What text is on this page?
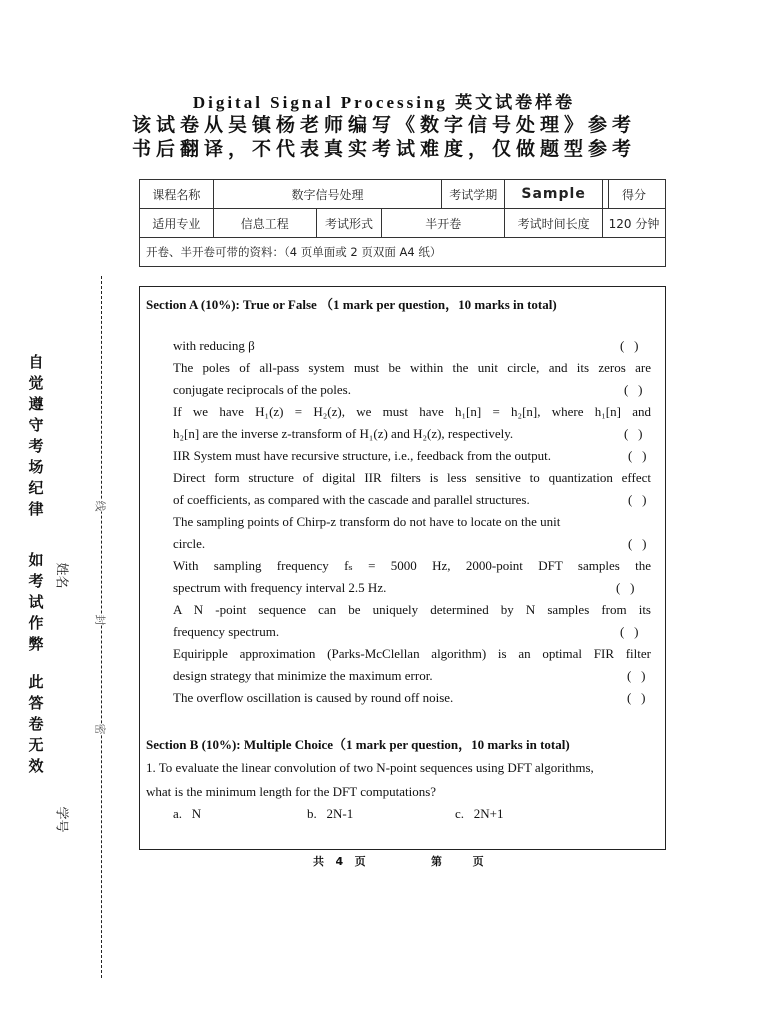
Digital Signal Processing 英文试卷样卷
该试卷从吴镇杨老师编写《数字信号处理》参考
书后翻译，不代表真实考试难度，仅做题型参考
课程名称	数字信号处理			考试学期	Sample	得分
适用专业	信息工程	考试形式	半开卷		考试时间长度	120 分钟
开卷、半开卷可带的资料：（4 页单面或 2 页双面 A4 纸）						
Section A (10%): True or False （1 mark per question，10 marks in total)
with reducing β	(   )
The poles of all-pass system must be within the unit circle, and its zeros are
conjugate reciprocals of the poles.	(   )
If we have H₁(z) = H₂(z), we must have h₁[n] = h₂[n], where h₁[n] and
h₂[n] are the inverse z-transform of H₁(z) and H₂(z), respectively.	(   )
IIR System must have recursive structure, i.e., feedback from the output.	(   )
Direct form structure of digital IIR filters is less sensitive to quantization effect
of coefficients, as compared with the cascade and parallel structures.	(   )
The sampling points of Chirp-z transform do not have to locate on the unit
circle.	(   )
With sampling frequency fₛ = 5000 Hz, 2000-point DFT samples the
spectrum with frequency interval 2.5 Hz.	(   )
A N -point sequence can be uniquely determined by N samples from its
frequency spectrum.	(   )
Equiripple approximation (Parks-McClellan algorithm) is an optimal FIR filter
design strategy that minimize the maximum error.	(   )
The overflow oscillation is caused by round off noise.	(   )
Section B (10%): Multiple Choice（1 mark per question，10 marks in total)
1. To evaluate the linear convolution of two N-point sequences using DFT algorithms,
what is the minimum length for the DFT computations?
a. N	b. 2N-1	c. 2N+1
共   4   页	第        页
线
封
密
自
觉
遵
守
考
场
纪
律
如
考
试
作
弊
此
答
卷
无
效
姓名
学号
